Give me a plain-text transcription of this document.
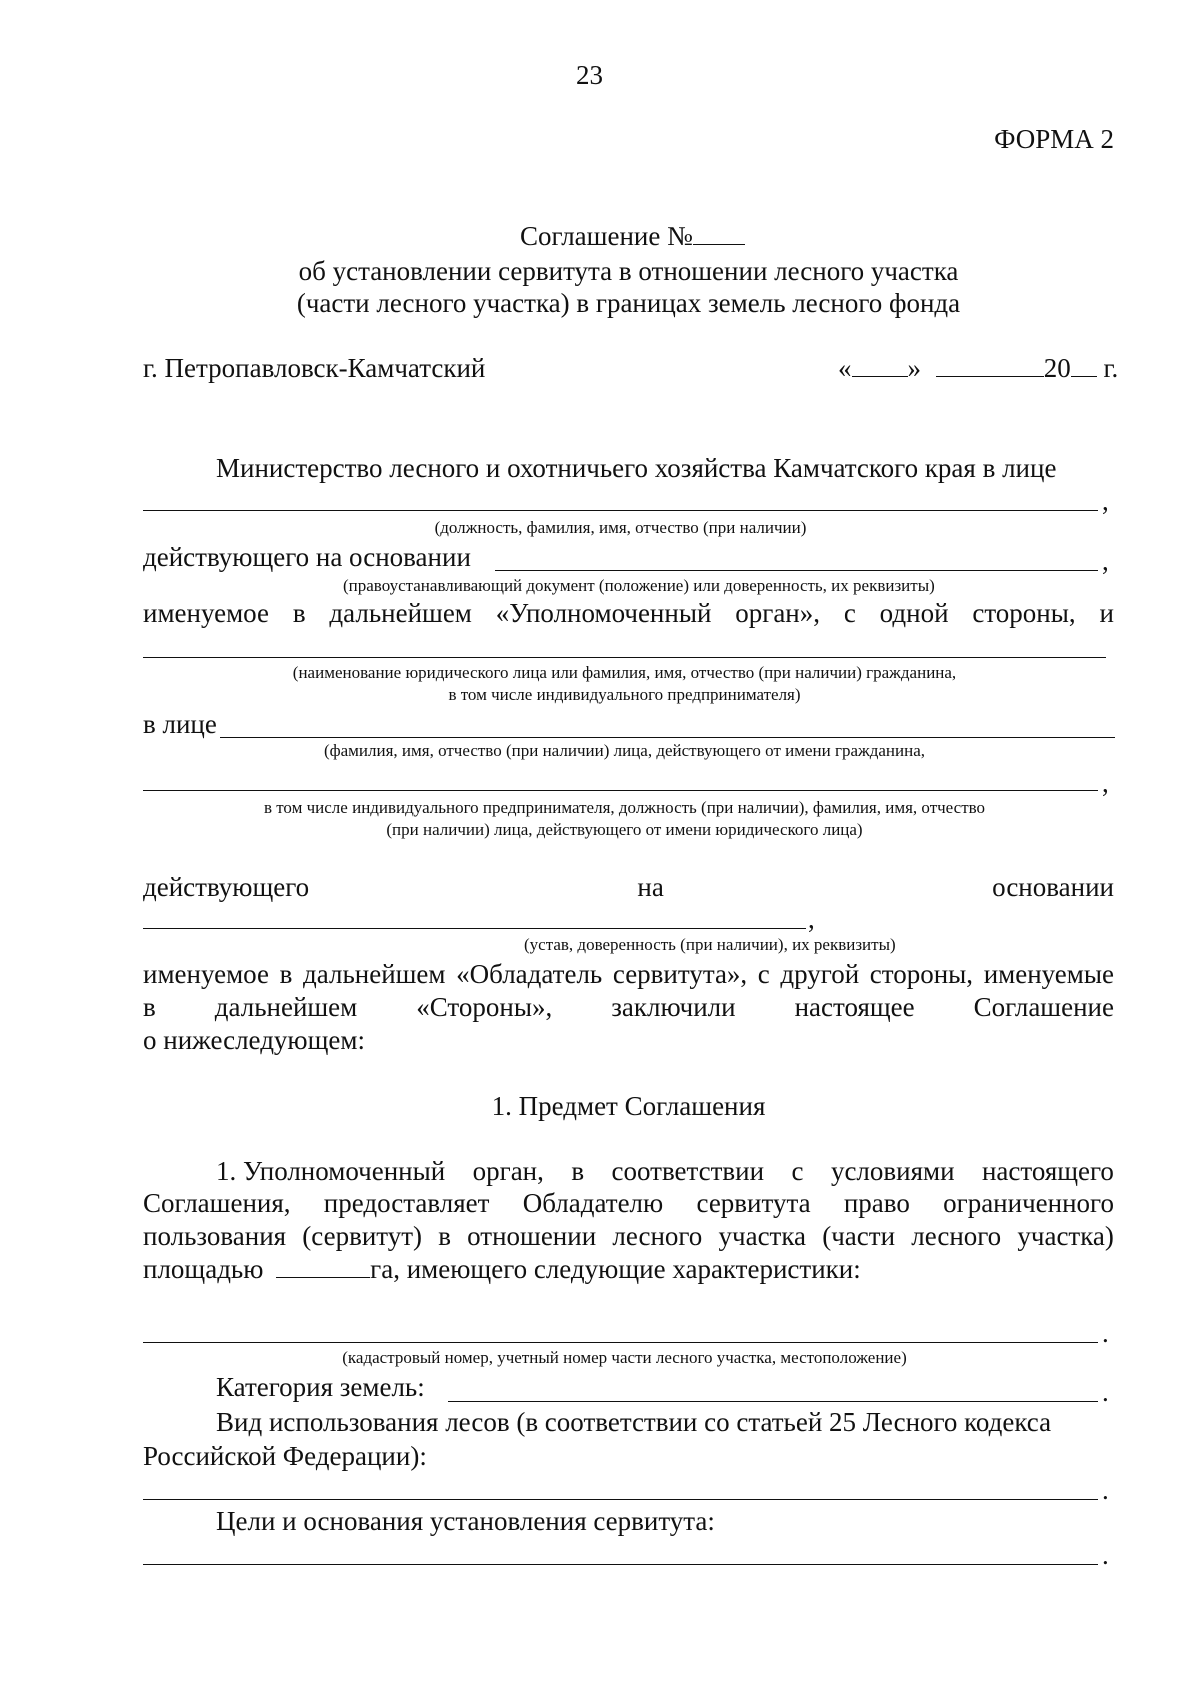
23
ФОРМА 2
Соглашение №
об установлении сервитута в отношении лесного участка
(части лесного участка) в границах земель лесного фонда
г. Петропавловск-Камчатский	« »	20 г.
Министерство лесного и охотничьего хозяйства Камчатского края в лице
,
(должность, фамилия, имя, отчество (при наличии)
действующего на основании	,
(правоустанавливающий документ (положение) или доверенность, их реквизиты)
именуемое в дальнейшем «Уполномоченный орган», с одной стороны, и
(наименование юридического лица или фамилия, имя, отчество (при наличии) гражданина,
в том числе индивидуального предпринимателя)
в лице
(фамилия, имя, отчество (при наличии) лица, действующего от имени гражданина,
,
в том числе индивидуального предпринимателя, должность (при наличии), фамилия, имя, отчество
(при наличии) лица, действующего от имени юридического лица)
действующего	на	основании
,
(устав, доверенность (при наличии), их реквизиты)
именуемое в дальнейшем «Обладатель сервитута», с другой стороны, именуемые
в дальнейшем «Стороны», заключили настоящее Соглашение
о нижеследующем:
1. Предмет Соглашения
1. Уполномоченный орган, в соответствии с условиями настоящего
Соглашения, предоставляет Обладателю сервитута право ограниченного
пользования (сервитут) в отношении лесного участка (части лесного участка)
площадью	га, имеющего следующие характеристики:
.
(кадастровый номер, учетный номер части лесного участка, местоположение)
Категория земель:	.
Вид использования лесов (в соответствии со статьей 25 Лесного кодекса
Российской Федерации):
.
Цели и основания установления сервитута:
.
